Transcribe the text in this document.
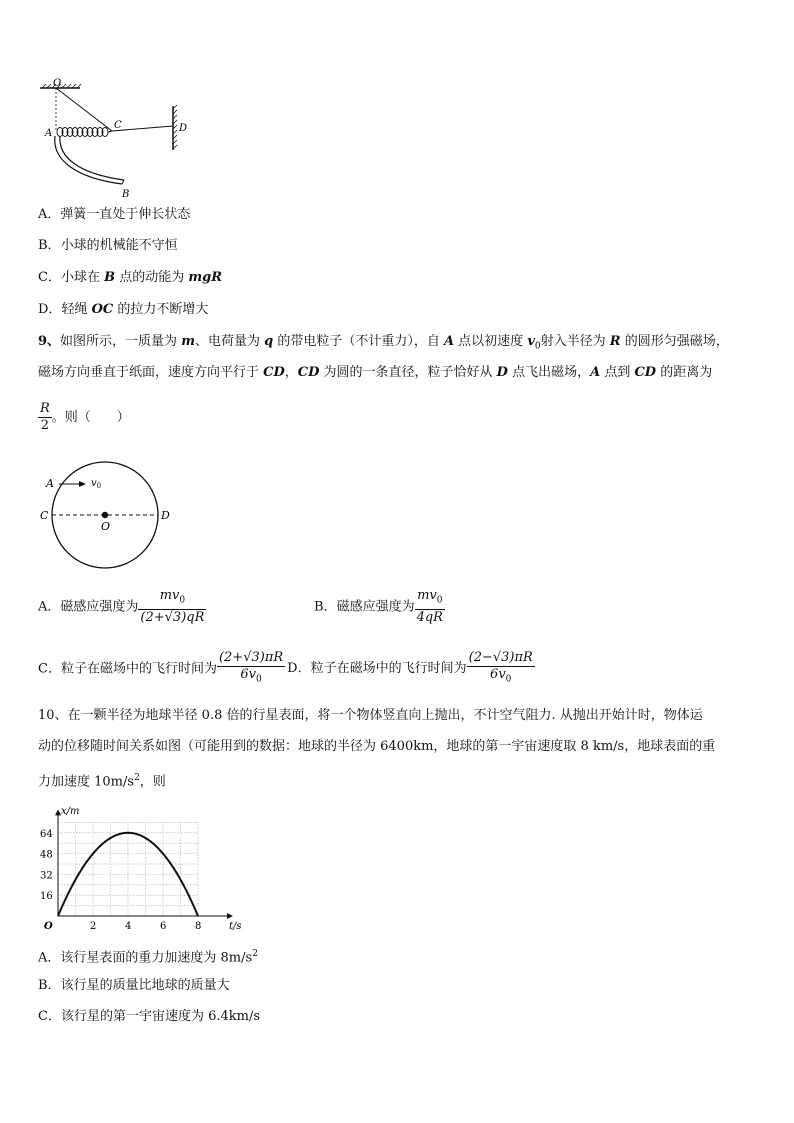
O
A
C	D
B
A．弹簧一直处于伸长状态
B．小球的机械能不守恒
C．小球在 B 点的动能为 mgR
D．轻绳 OC 的拉力不断增大
9、如图所示，一质量为 m、电荷量为 q 的带电粒子（不计重力），自 A 点以初速度 $v_0$射入半径为 R 的圆形匀强磁场，
磁场方向垂直于纸面，速度方向平行于 CD，CD 为圆的一条直径，粒子恰好从 D 点飞出磁场，A 点到 CD 的距离为
$\frac{R}{2}$ 。则（　　）
A	$v_0$
C
O
D
A．磁感应强度为 $\frac{mv_0}{(2+√3)qR}$	B．磁感应强度为 $\frac{mv_0}{4qR}$
C．粒子在磁场中的飞行时间为 $\frac{(2+√3)\pi R}{6v_0}$ D．粒子在磁场中的飞行时间为 $\frac{(2-√3)\pi R}{6v_0}$
10、在一颗半径为地球半径 0.8 倍的行星表面，将一个物体竖直向上抛出，不计空气阻力. 从抛出开始计时，物体运
动的位移随时间关系如图（可能用到的数据：地球的半径为 6400km，地球的第一宇宙速度取 8 km/s，地球表面的重
力加速度 $10m/s^2$，则
2	4	6	8
16
32
48
64
O	t/s
x/m
A．该行星表面的重力加速度为 $8m/s^2$
B．该行星的质量比地球的质量大
C．该行星的第一宇宙速度为 6.4km/s
